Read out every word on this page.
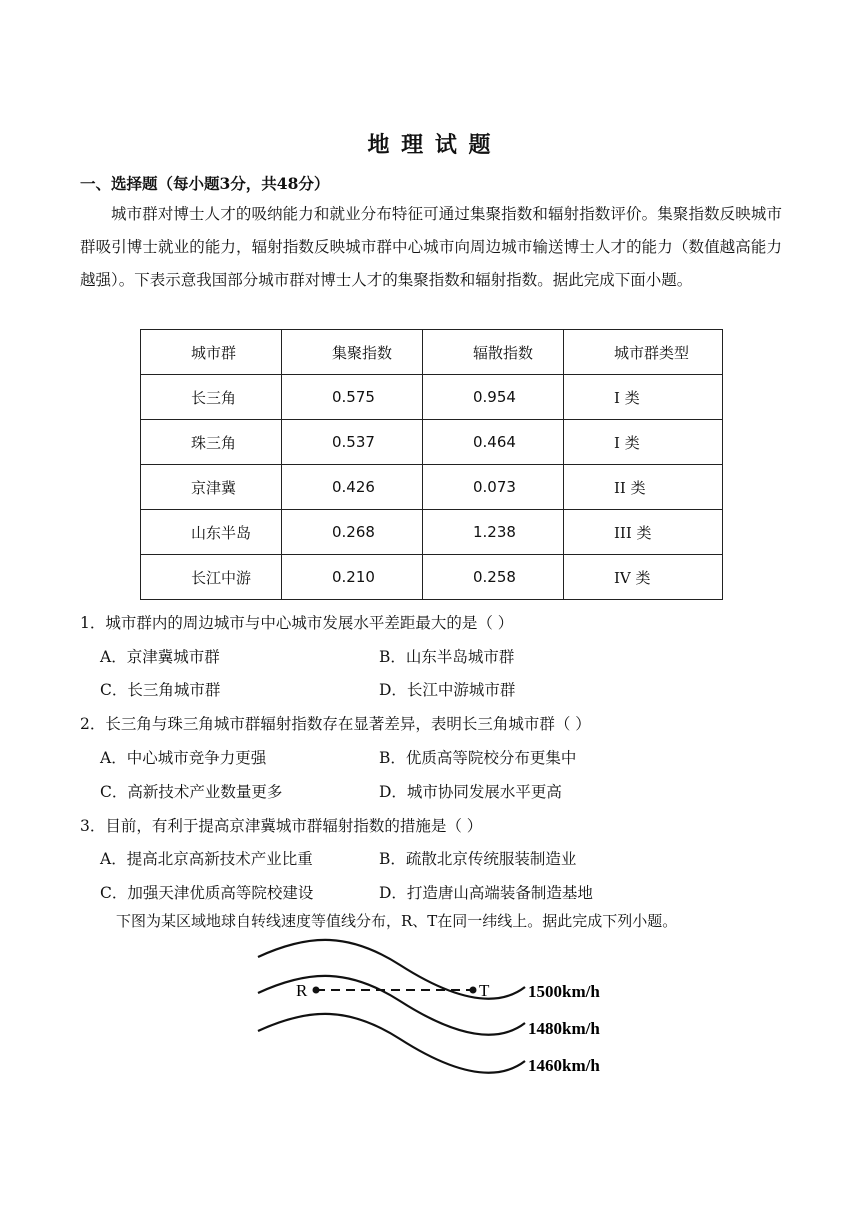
地 理 试 题
一、选择题（每小题3分，共48分）
城市群对博士人才的吸纳能力和就业分布特征可通过集聚指数和辐射指数评价。集聚指数反映城市群吸引博士就业的能力，辐射指数反映城市群中心城市向周边城市输送博士人才的能力（数值越高能力越强）。下表示意我国部分城市群对博士人才的集聚指数和辐射指数。据此完成下面小题。
城市群	集聚指数	辐散指数	城市群类型
长三角	0.575	0.954	I 类
珠三角	0.537	0.464	I 类
京津冀	0.426	0.073	II 类
山东半岛	0.268	1.238	III 类
长江中游	0.210	0.258	IV 类
1．城市群内的周边城市与中心城市发展水平差距最大的是（ ）
A．京津冀城市群	B．山东半岛城市群
C．长三角城市群	D．长江中游城市群
2．长三角与珠三角城市群辐射指数存在显著差异，表明长三角城市群（ ）
A．中心城市竞争力更强	B．优质高等院校分布更集中
C．高新技术产业数量更多	D．城市协同发展水平更高
3．目前，有利于提高京津冀城市群辐射指数的措施是（ ）
A．提高北京高新技术产业比重	B．疏散北京传统服装制造业
C．加强天津优质高等院校建设	D．打造唐山高端装备制造基地
下图为某区域地球自转线速度等值线分布，R、T在同一纬线上。据此完成下列小题。
R	T 1500km/h
1480km/h
1460km/h
